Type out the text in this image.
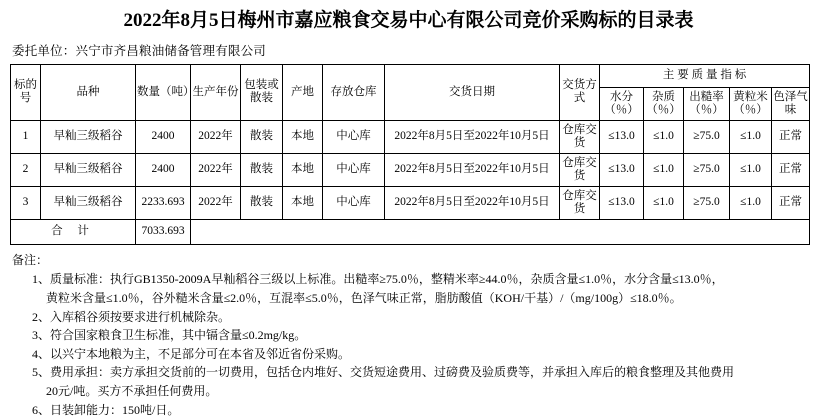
2022年8月5日梅州市嘉应粮食交易中心有限公司竞价采购标的目录表
委托单位：兴宁市齐昌粮油储备管理有限公司
标的号	品种	数量（吨）	生产年份	包装或散装	产地	存放仓库	交货日期	交货方式	主 要 质 量 指 标				
									水分（％）	杂质（％）	出糙率（％）	黄粒米（％）	色泽气味
1	早籼三级稻谷	2400	2022年	散装	本地	中心库	2022年8月5日至2022年10月5日	仓库交货	≤13.0	≤1.0	≥75.0	≤1.0	正常
2	早籼三级稻谷	2400	2022年	散装	本地	中心库	2022年8月5日至2022年10月5日	仓库交货	≤13.0	≤1.0	≥75.0	≤1.0	正常
3	早籼三级稻谷	2233.693	2022年	散装	本地	中心库	2022年8月5日至2022年10月5日	仓库交货	≤13.0	≤1.0	≥75.0	≤1.0	正常
合 计		7033.693											
备注：
1、质量标准：执行GB1350-2009A早籼稻谷三级以上标准。出糙率≥75.0％，整精米率≥44.0％，杂质含量≤1.0％，水分含量≤13.0％，
黄粒米含量≤1.0％，谷外糙米含量≤2.0％，互混率≤5.0％，色泽气味正常，脂肪酸值（KOH/干基）/（mg/100g）≤18.0％。
2、入库稻谷须按要求进行机械除杂。
3、符合国家粮食卫生标准，其中镉含量≤0.2mg/kg。
4、以兴宁本地粮为主，不足部分可在本省及邻近省份采购。
5、费用承担：卖方承担交货前的一切费用，包括仓内堆好、交货短途费用、过磅费及验质费等，并承担入库后的粮食整理及其他费用
20元/吨。买方不承担任何费用。
6、日装卸能力：150吨/日。
